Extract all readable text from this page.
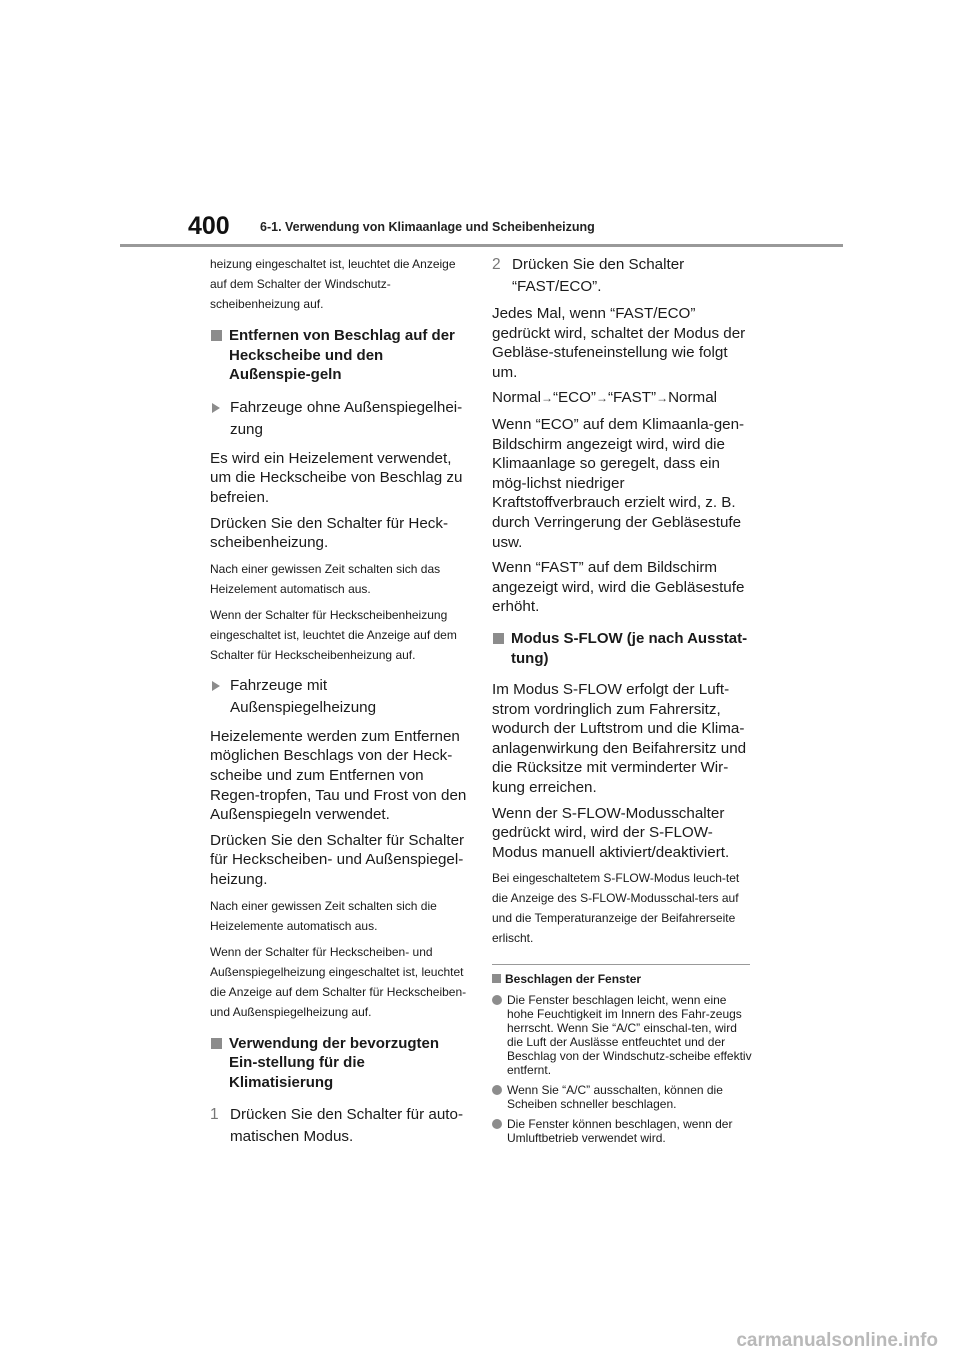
400 6-1. Verwendung von Klimaanlage und Scheibenheizung

heizung eingeschaltet ist, leuchtet die Anzeige auf dem Schalter der Windschutz-scheibenheizung auf.

Entfernen von Beschlag auf der Heckscheibe und den Außenspie-geln
Fahrzeuge ohne Außenspiegelhei-zung

Es wird ein Heizelement verwendet, um die Heckscheibe von Beschlag zu befreien.

Drücken Sie den Schalter für Heck-scheibenheizung.

Nach einer gewissen Zeit schalten sich das Heizelement automatisch aus.

Wenn der Schalter für Heckscheibenheizung eingeschaltet ist, leuchtet die Anzeige auf dem Schalter für Heckscheibenheizung auf.

Fahrzeuge mit Außenspiegelheizung

Heizelemente werden zum Entfernen möglichen Beschlags von der Heck-scheibe und zum Entfernen von Regen-tropfen, Tau und Frost von den Außenspiegeln verwendet.

Drücken Sie den Schalter für Schalter für Heckscheiben- und Außenspiegel-heizung.

Nach einer gewissen Zeit schalten sich die Heizelemente automatisch aus.

Wenn der Schalter für Heckscheiben- und Außenspiegelheizung eingeschaltet ist, leuchtet die Anzeige auf dem Schalter für Heckscheiben- und Außenspiegelheizung auf.

Verwendung der bevorzugten Ein-stellung für die Klimatisierung
1 Drücken Sie den Schalter für auto-matischen Modus.
2 Drücken Sie den Schalter “FAST/ECO”.

Jedes Mal, wenn “FAST/ECO” gedrückt wird, schaltet der Modus der Gebläse-stufeneinstellung wie folgt um.

Normal→“ECO”→“FAST”→Normal

Wenn “ECO” auf dem Klimaanla-gen-Bildschirm angezeigt wird, wird die Klimaanlage so geregelt, dass ein mög-lichst niedriger Kraftstoffverbrauch erzielt wird, z. B. durch Verringerung der Gebläsestufe usw.

Wenn “FAST” auf dem Bildschirm angezeigt wird, wird die Gebläsestufe erhöht.

Modus S-FLOW (je nach Ausstat-tung)

Im Modus S-FLOW erfolgt der Luft-strom vordringlich zum Fahrersitz, wodurch der Luftstrom und die Klima-anlagenwirkung den Beifahrersitz und die Rücksitze mit verminderter Wir-kung erreichen.

Wenn der S-FLOW-Modusschalter gedrückt wird, wird der S-FLOW-Modus manuell aktiviert/deaktiviert.

Bei eingeschaltetem S-FLOW-Modus leuch-tet die Anzeige des S-FLOW-Modusschal-ters auf und die Temperaturanzeige der Beifahrerseite erlischt.

Beschlagen der Fenster
Die Fenster beschlagen leicht, wenn eine hohe Feuchtigkeit im Innern des Fahr-zeugs herrscht. Wenn Sie “A/C” einschal-ten, wird die Luft der Auslässe entfeuchtet und der Beschlag von der Windschutz-scheibe effektiv entfernt.
Wenn Sie “A/C” ausschalten, können die Scheiben schneller beschlagen.
Die Fenster können beschlagen, wenn der Umluftbetrieb verwendet wird.
carmanualsonline.info
